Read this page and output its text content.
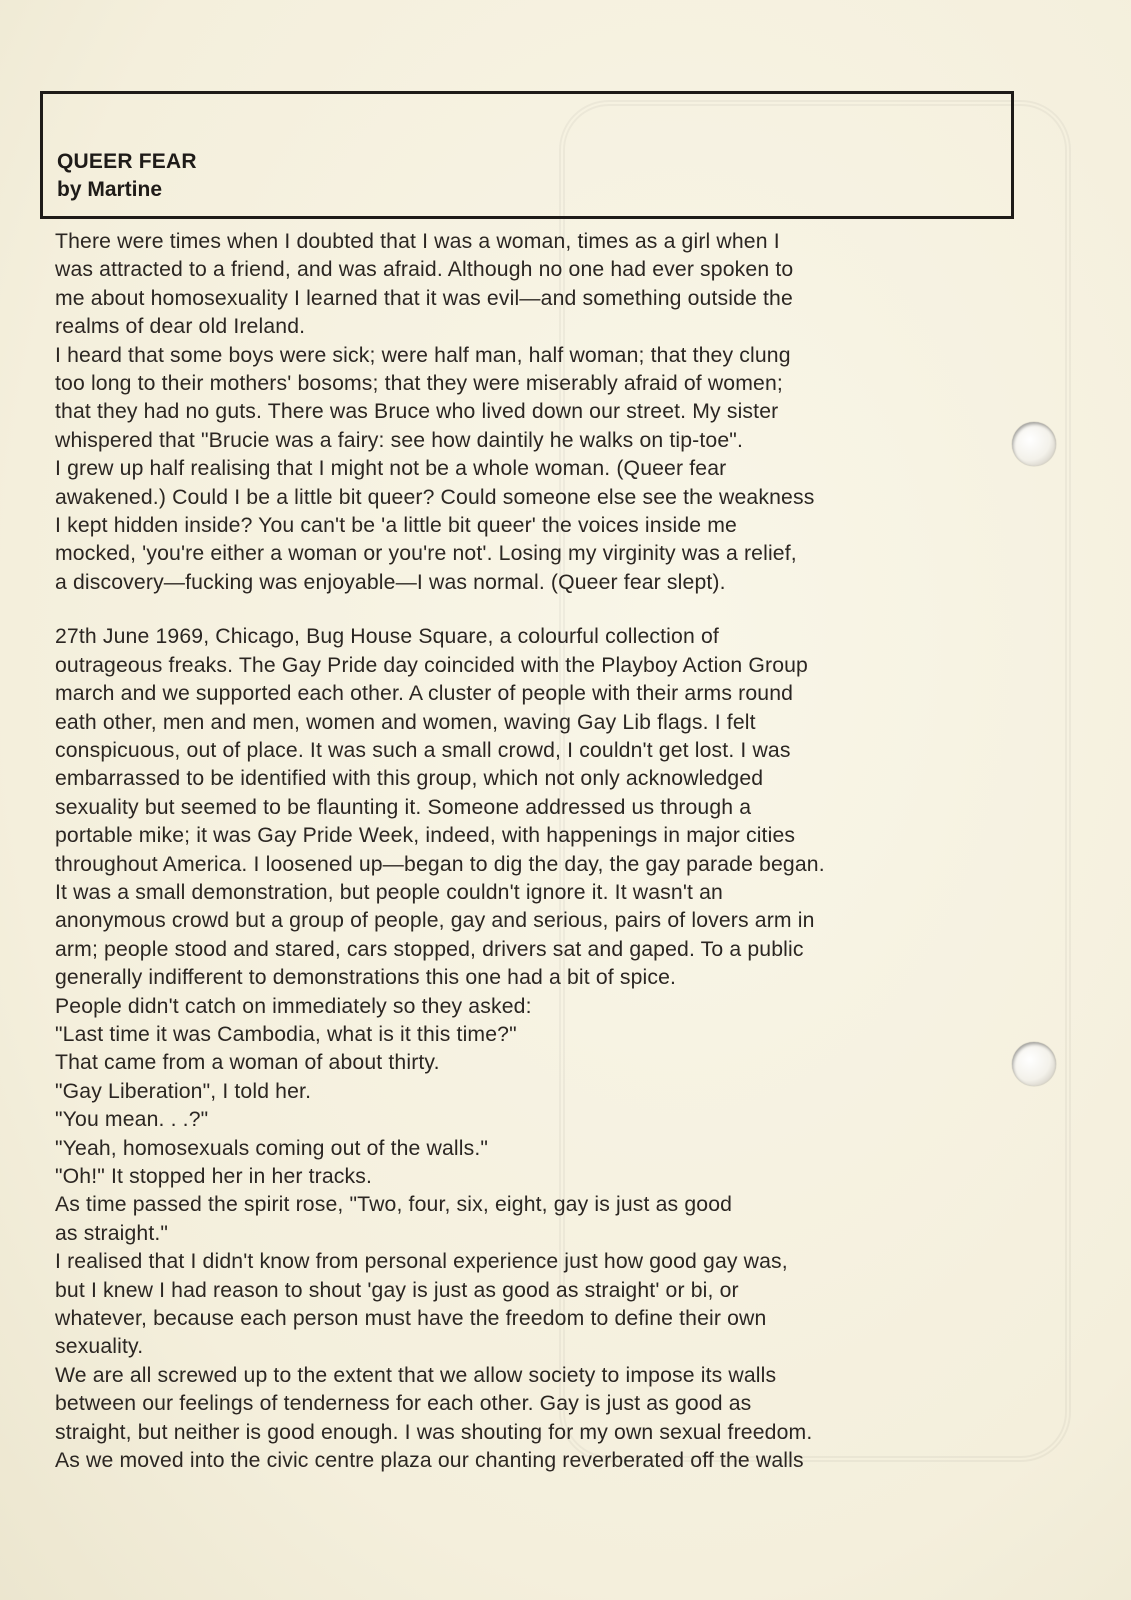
QUEER FEAR
by Martine
There were times when I doubted that I was a woman, times as a girl when I
was attracted to a friend, and was afraid. Although no one had ever spoken to
me about homosexuality I learned that it was evil—and something outside the
realms of dear old Ireland.
I heard that some boys were sick; were half man, half woman; that they clung
too long to their mothers' bosoms; that they were miserably afraid of women;
that they had no guts. There was Bruce who lived down our street. My sister
whispered that "Brucie was a fairy: see how daintily he walks on tip-toe".
I grew up half realising that I might not be a whole woman. (Queer fear
awakened.) Could I be a little bit queer? Could someone else see the weakness
I kept hidden inside? You can't be 'a little bit queer' the voices inside me
mocked, 'you're either a woman or you're not'. Losing my virginity was a relief,
a discovery—fucking was enjoyable—I was normal. (Queer fear slept).
27th June 1969, Chicago, Bug House Square, a colourful collection of
outrageous freaks. The Gay Pride day coincided with the Playboy Action Group
march and we supported each other. A cluster of people with their arms round
eath other, men and men, women and women, waving Gay Lib flags. I felt
conspicuous, out of place. It was such a small crowd, I couldn't get lost. I was
embarrassed to be identified with this group, which not only acknowledged
sexuality but seemed to be flaunting it. Someone addressed us through a
portable mike; it was Gay Pride Week, indeed, with happenings in major cities
throughout America. I loosened up—began to dig the day, the gay parade began.
It was a small demonstration, but people couldn't ignore it. It wasn't an
anonymous crowd but a group of people, gay and serious, pairs of lovers arm in
arm; people stood and stared, cars stopped, drivers sat and gaped. To a public
generally indifferent to demonstrations this one had a bit of spice.
People didn't catch on immediately so they asked:
"Last time it was Cambodia, what is it this time?"
That came from a woman of about thirty.
"Gay Liberation", I told her.
"You mean. . .?"
"Yeah, homosexuals coming out of the walls."
"Oh!" It stopped her in her tracks.
As time passed the spirit rose, "Two, four, six, eight, gay is just as good
as straight."
I realised that I didn't know from personal experience just how good gay was,
but I knew I had reason to shout 'gay is just as good as straight' or bi, or
whatever, because each person must have the freedom to define their own
sexuality.
We are all screwed up to the extent that we allow society to impose its walls
between our feelings of tenderness for each other. Gay is just as good as
straight, but neither is good enough. I was shouting for my own sexual freedom.
As we moved into the civic centre plaza our chanting reverberated off the walls
